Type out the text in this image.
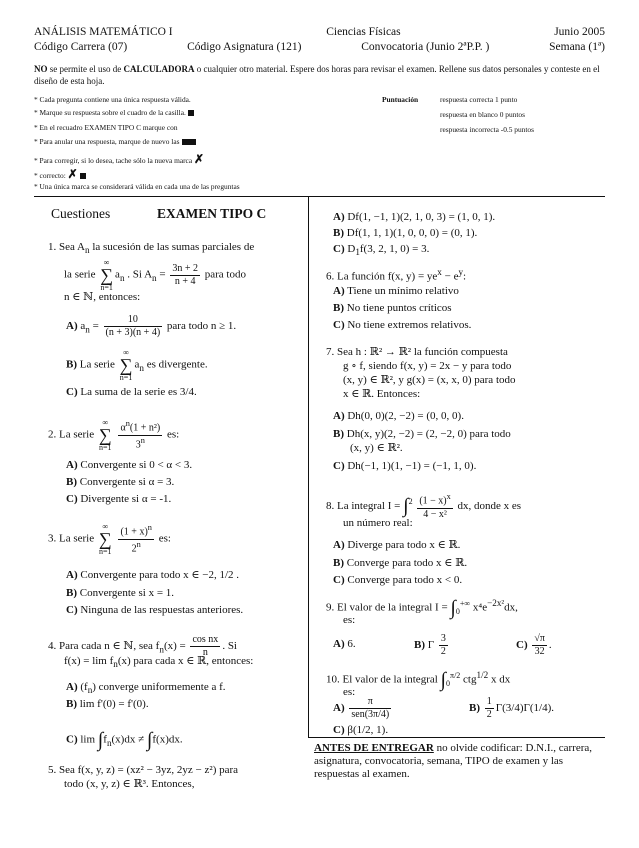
ANÁLISIS MATEMÁTICO I	Ciencias Físicas	Junio 2005
Código Carrera (07)	Código Asignatura (121)	Convocatoria (Junio 2ªP.P. )	Semana (1ª)
NO se permite el uso de CALCULADORA o cualquier otro material. Espere dos horas para revisar el examen. Rellene sus datos personales y conteste en el diseño de esta hoja.
* Cada pregunta contiene una única respuesta válida.
* Marque su respuesta sobre el cuadro de la casilla.
* En el recuadro EXAMEN TIPO C marque con
* Para anular una respuesta, marque de nuevo las
* Para corregir, si lo desea, tache sólo la nueva marca ✗
* correcto: ✗
* Una única marca se considerará válida en cada una de las preguntas
Puntuación	respuesta correcta 1 punto
respuesta en blanco 0 puntos
respuesta incorrecta -0.5 puntos
Cuestiones	EXAMEN TIPO C
1. Sea $A_n$ la sucesión de las sumas parciales de
la serie ∞
∑
$n=1a_n$ . Si $A_n = \frac{3n + 2}{n + 4}$ para todo
n ∈ ℕ, entonces:
A) $a_n = \frac{10}{(n + 3)(n + 4)}$ para todo n ≥ 1.
B) La serie ∞
∑
$n=1a_n$ es divergente.
C) La suma de la serie es 3/4.
2. La serie ∞
∑
$n=1 \frac{\alpha^n(1 + n^2)}{3^n}$ es:
A) Convergente si 0 < α < 3.
B) Convergente si α = 3.
C) Divergente si α = -1.
3. La serie ∞
∑
$n=1 \frac{(1 + x)^n}{2^n}$ es:
A) Convergente para todo x ∈ −2, 1/2 .
B) Convergente si x = 1.
C) Ninguna de las respuestas anteriores.
4. Para cada n ∈ ℕ, sea $f_n(x) = \frac{\text{cos nx}}{n}$ . Si
$f(x) = \lim f_n(x)$ para cada x ∈ ℝ, entonces:
A) $(f_n)$ converge uniformemente a f.
B) lim f'(0) = f'(0).
C) $\lim \int f_n(x)dx \ne \int f(x)dx$.
5. Sea f(x, y, z) = (xz² − 3yz, 2yz − z²) para
todo (x, y, z) ∈ ℝ³. Entonces,
A) Df(1, −1, 1)(2, 1, 0, 3) = (1, 0, 1).
B) Df(1, 1, 1)(1, 0, 0, 0) = (0, 1).
C) $D_1f(3$, 2, 1, 0) = 3.
6. La función f(x, $y) = ye^x - e^y$:
A) Tiene un mínimo relativo
B) No tiene puntos críticos
C) No tiene extremos relativos.
7. Sea h : ℝ² → ℝ² la función compuesta
g ∘ f, siendo f(x, y) = 2x − y para todo
(x, y) ∈ ℝ², y g(x) = (x, x, 0) para todo
x ∈ ℝ. Entonces:
A) Dh(0, 0)(2, −2) = (0, 0, 0).
B) Dh(x, y)(2, −2) = (2, −2, 0) para todo
(x, y) ∈ ℝ².
C) Dh(−1, 1)(1, −1) = (−1, 1, 0).
8. La integral $I = \int^2 \frac{(1 - x)^x}{\text{4 − x²}}$ dx, donde x es
un número real:
A) Diverge para todo x ∈ ℝ.
B) Converge para todo x ∈ ℝ.
C) Converge para todo x < 0.
9. El valor de la integral $I = \int_0^{+\infty}$ $x^4e^{-2x^2}dx$,
es:
A) 6.	B) Γ $\frac{3}{2}$	$C) \frac{√\pi}{32}$ .
10. El valor de la integral $\int_0^{\pi/2}$ ctg$^{1/2}$ x dx
es:
$A) \frac{\pi}{\text{sen(3π/4)}}$	$B) \frac{1}{2} \Gamma(3/4)\Gamma(1/4)$.
C) β(1/2, 1).
ANTES DE ENTREGAR no olvide codificar: D.N.I., carrera, asignatura, convocatoria, semana, TIPO de examen y las respuestas al examen.
